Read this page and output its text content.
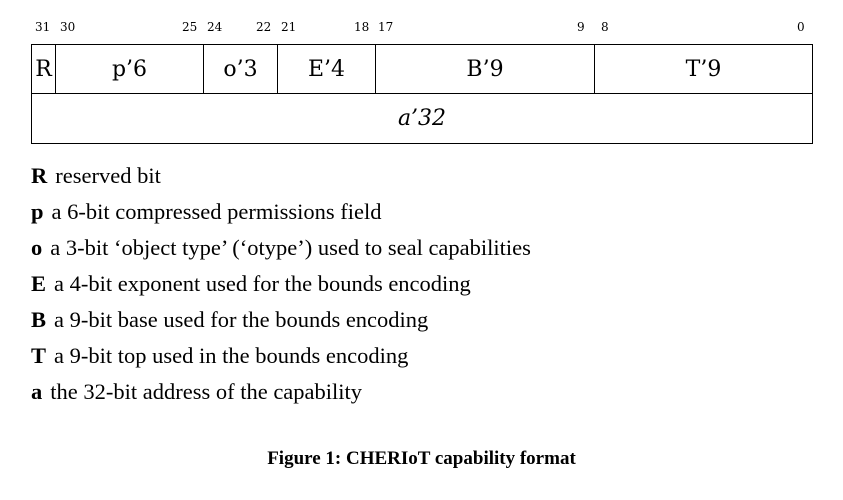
31 30	25 24	22 21	18 17	9 8	0
R	p’6	o’3	E’4	B’9	T’9
a’32
R reserved bit
p a 6-bit compressed permissions field
o a 3-bit ‘object type’ (‘otype’) used to seal capabilities
E a 4-bit exponent used for the bounds encoding
B a 9-bit base used for the bounds encoding
T a 9-bit top used in the bounds encoding
a the 32-bit address of the capability
Figure 1: CHERIoT capability format
